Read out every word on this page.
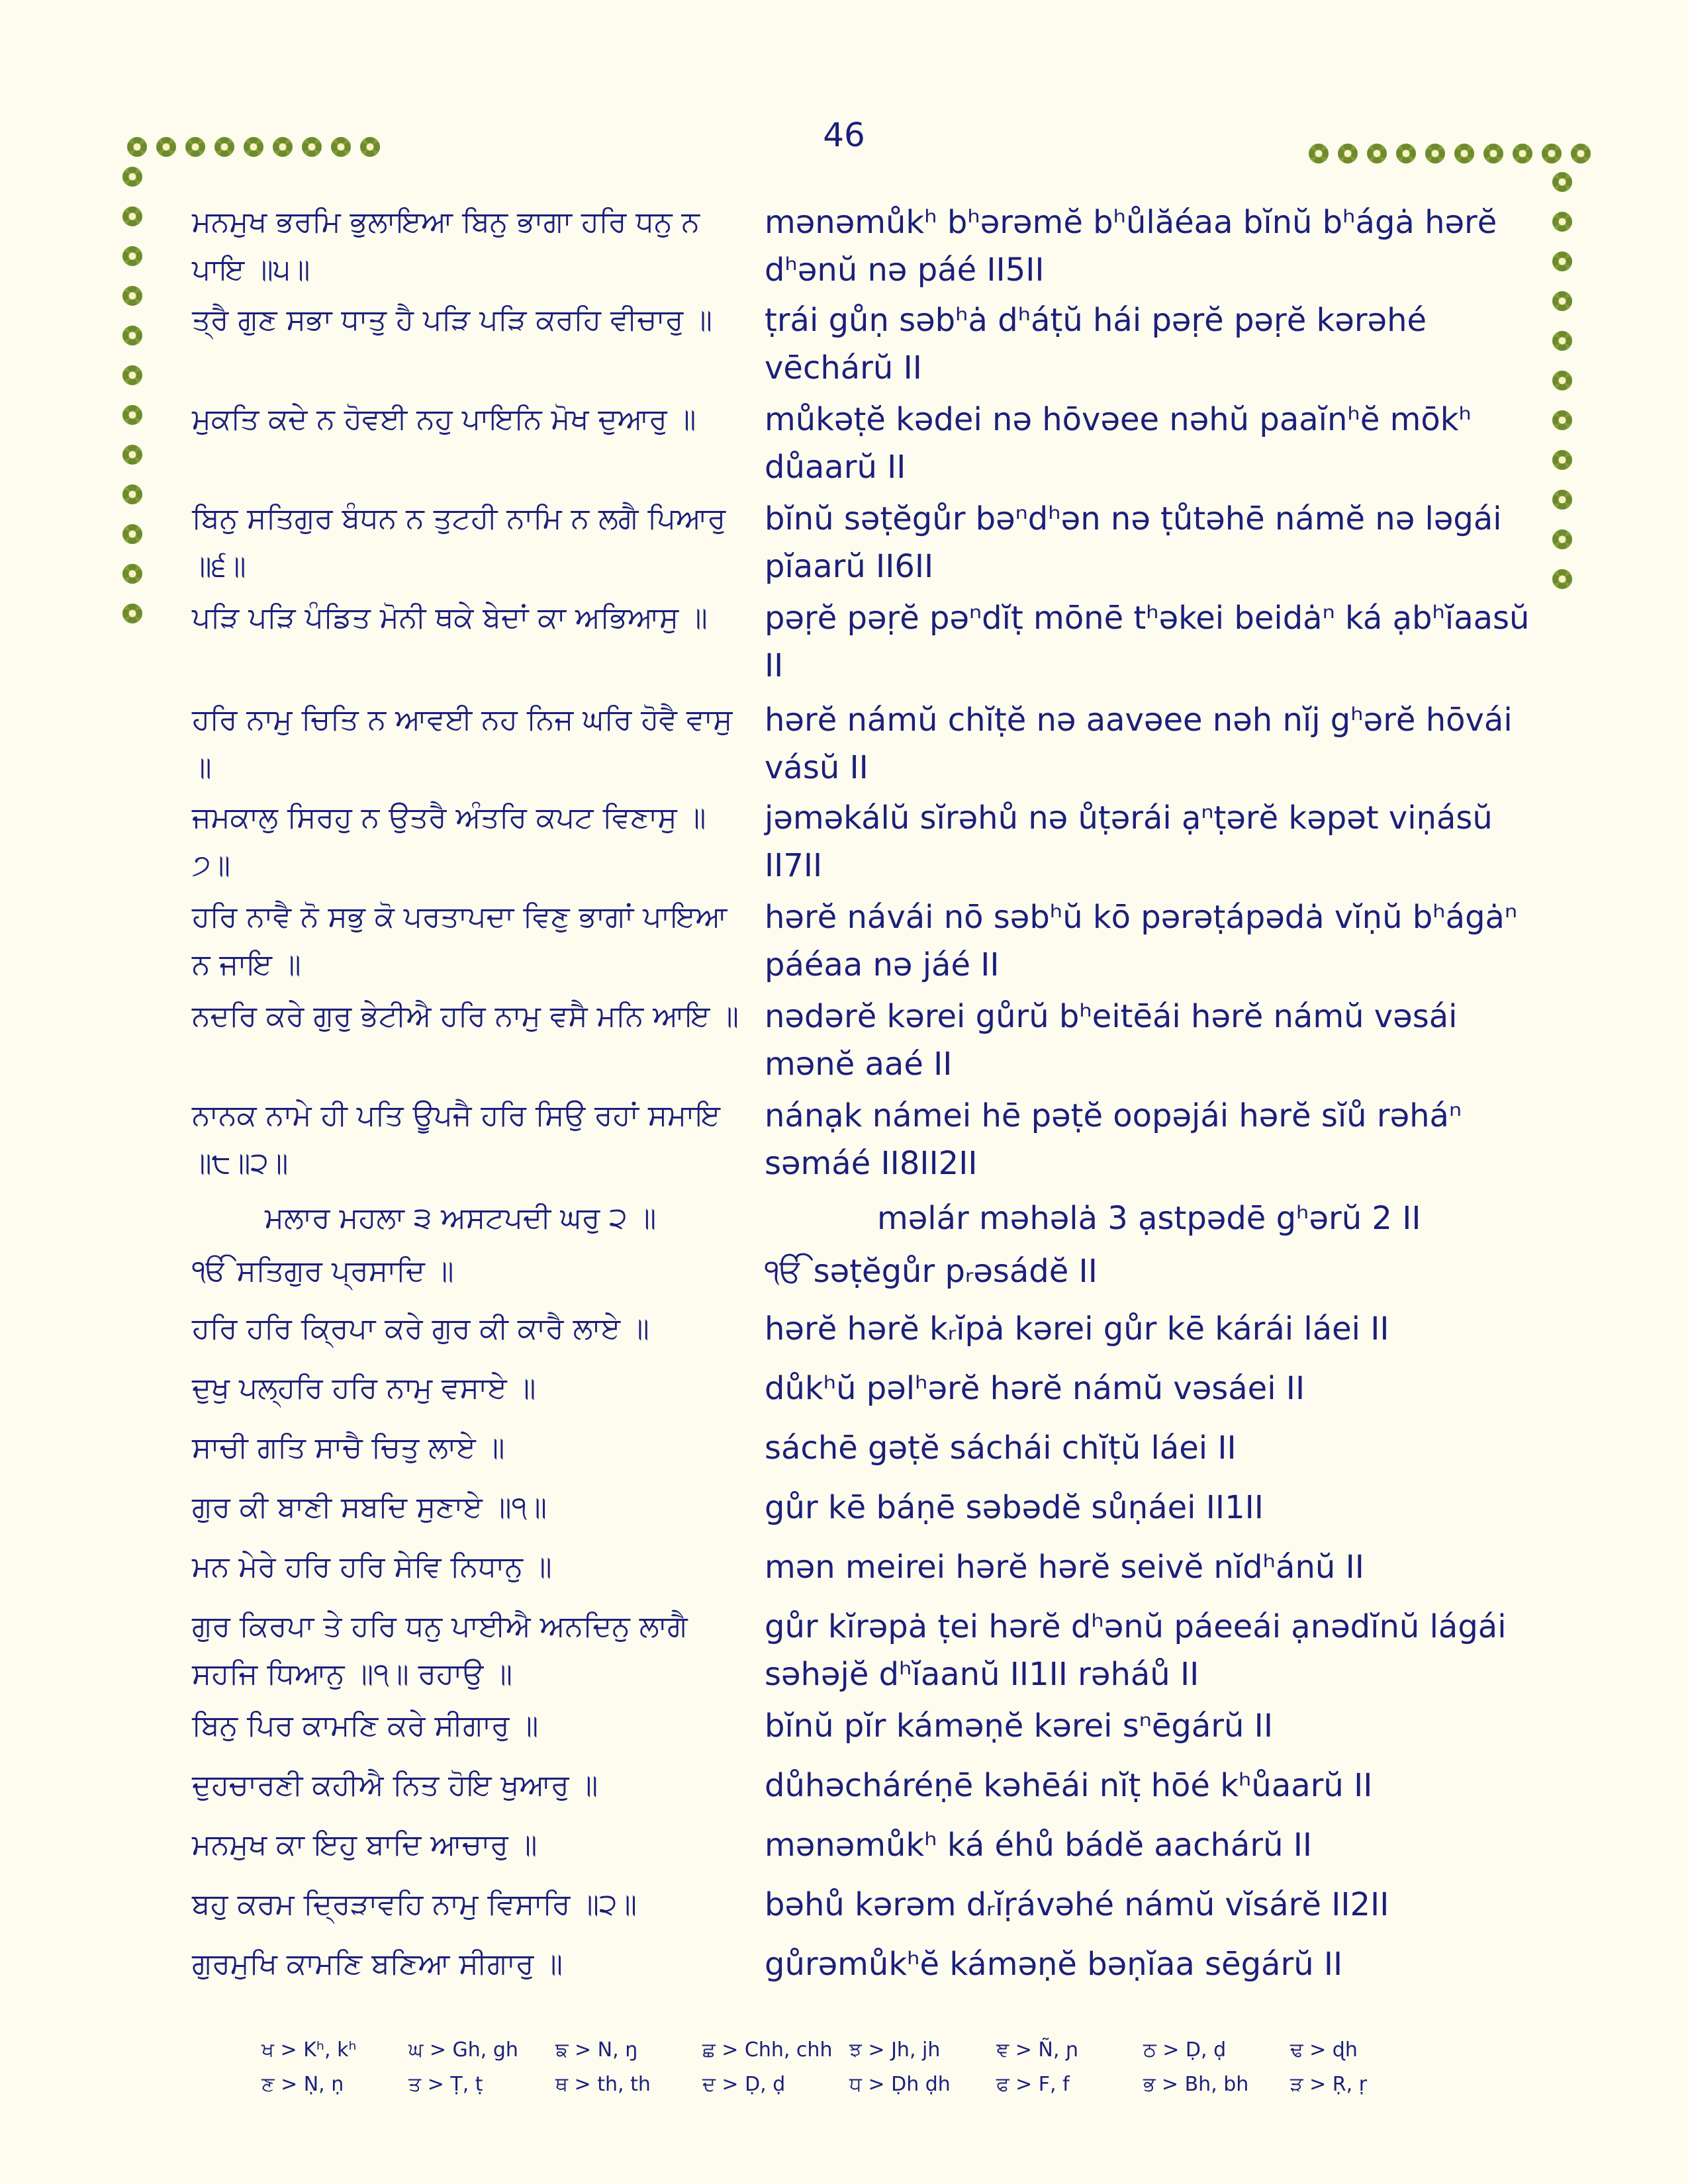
46
ਮਨਮੁਖ ਭਰਮਿ ਭੁਲਾਇਆ ਬਿਨੁ ਭਾਗਾ ਹਰਿ ਧਨੁ ਨ ਪਾਇ ॥੫॥
mənəmůkʰ bʰərəmĕ bʰůlăéaa bĭnŭ bʰágȧ hərĕ dʰənŭ nə páé II5II
ਤ੍ਰੈ ਗੁਣ ਸਭਾ ਧਾਤੁ ਹੈ ਪੜਿ ਪੜਿ ਕਰਹਿ ਵੀਚਾਰੁ ॥	ṭrái gůṇ səbʰȧ dʰáṭŭ hái pəṛĕ pəṛĕ kərəhé vēchárŭ II
ਮੁਕਤਿ ਕਦੇ ਨ ਹੋਵਈ ਨਹੁ ਪਾਇਨਿ ਮੋਖ ਦੁਆਰੁ ॥	můkəṭĕ kədei nə hōvəee nəhŭ paaĭnʰĕ mōkʰ důaarŭ II
ਬਿਨੁ ਸਤਿਗੁਰ ਬੰਧਨ ਨ ਤੁਟਹੀ ਨਾਮਿ ਨ ਲਗੈ ਪਿਆਰੁ ॥੬॥
bĭnŭ səṭĕgůr bəⁿdʰən nə ṭůtəhē námĕ nə ləgái pĭaarŭ II6II
ਪੜਿ ਪੜਿ ਪੰਡਿਤ ਮੋਨੀ ਥਕੇ ਬੇਦਾਂ ਕਾ ਅਭਿਆਸੁ ॥	pəṛĕ pəṛĕ pəⁿdĭṭ mōnē tʰəkei beidȧⁿ ká ạbʰĭaasŭ II
ਹਰਿ ਨਾਮੁ ਚਿਤਿ ਨ ਆਵਈ ਨਹ ਨਿਜ ਘਰਿ ਹੋਵੈ ਵਾਸੁ ॥
hərĕ námŭ chĭṭĕ nə aavəee nəh nĭj gʰərĕ hōvái vásŭ II
ਜਮਕਾਲੁ ਸਿਰਹੁ ਨ ਉਤਰੈ ਅੰਤਰਿ ਕਪਟ ਵਿਣਾਸੁ ॥੭॥
jəməkálŭ sĭrəhů nə ůṭərái ạⁿṭərĕ kəpət viṇásŭ II7II
ਹਰਿ ਨਾਵੈ ਨੋ ਸਭੁ ਕੋ ਪਰਤਾਪਦਾ ਵਿਣੁ ਭਾਗਾਂ ਪਾਇਆ ਨ ਜਾਇ ॥
hərĕ návái nō səbʰŭ kō pərəṭápədȧ vĭṇŭ bʰágȧⁿ páéaa nə jáé II
ਨਦਰਿ ਕਰੇ ਗੁਰੁ ਭੇਟੀਐ ਹਰਿ ਨਾਮੁ ਵਸੈ ਮਨਿ ਆਇ ॥ nədərĕ kərei gůrŭ bʰeitēái hərĕ námŭ vəsái mənĕ aaé II
ਨਾਨਕ ਨਾਮੇ ਹੀ ਪਤਿ ਊਪਜੈ ਹਰਿ ਸਿਉ ਰਹਾਂ ਸਮਾਇ ॥੮॥੨॥
nánạk námei hē pəṭĕ oopəjái hərĕ sĭů rəháⁿ səmáé II8II2II
ਮਲਾਰ ਮਹਲਾ ੩ ਅਸਟਪਦੀ ਘਰੁ ੨ ॥	məlár məhəlȧ 3 ạstpədē gʰərŭ 2 II
ੴ ਸਤਿਗੁਰ ਪ੍ਰਸਾਦਿ ॥	ੴ səṭĕgůr pᵣəsádĕ II
ਹਰਿ ਹਰਿ ਕ੍ਰਿਪਾ ਕਰੇ ਗੁਰ ਕੀ ਕਾਰੈ ਲਾਏ ॥	hərĕ hərĕ kᵣĭpȧ kərei gůr kē kárái láei II
ਦੁਖੁ ਪਲ੍ਹਰਿ ਹਰਿ ਨਾਮੁ ਵਸਾਏ ॥	důkʰŭ pəlʰərĕ hərĕ námŭ vəsáei II
ਸਾਚੀ ਗਤਿ ਸਾਚੈ ਚਿਤੁ ਲਾਏ ॥	sáchē gəṭĕ sáchái chĭṭŭ láei II
ਗੁਰ ਕੀ ਬਾਣੀ ਸਬਦਿ ਸੁਣਾਏ ॥੧॥	gůr kē báṇē səbədĕ sůṇáei II1II
ਮਨ ਮੇਰੇ ਹਰਿ ਹਰਿ ਸੇਵਿ ਨਿਧਾਨੁ ॥	mən meirei hərĕ hərĕ seivĕ nĭdʰánŭ II
ਗੁਰ ਕਿਰਪਾ ਤੇ ਹਰਿ ਧਨੁ ਪਾਈਐ ਅਨਦਿਨੁ ਲਾਗੈ ਸਹਜਿ ਧਿਆਨੁ ॥੧॥ ਰਹਾਉ ॥
gůr kĭrəpȧ ṭei hərĕ dʰənŭ páeeái ạnədĭnŭ lágái səhəjĕ dʰĭaanŭ II1II rəháů II
ਬਿਨੁ ਪਿਰ ਕਾਮਣਿ ਕਰੇ ਸੀਗਾਰੁ ॥	bĭnŭ pĭr káməṇĕ kərei sⁿēgárŭ II
ਦੁਹਚਾਰਣੀ ਕਹੀਐ ਨਿਤ ਹੋਇ ਖੁਆਰੁ ॥	důhəcháréṇē kəhēái nĭṭ hōé kʰůaarŭ II
ਮਨਮੁਖ ਕਾ ਇਹੁ ਬਾਦਿ ਆਚਾਰੁ ॥	mənəmůkʰ ká éhů bádĕ aachárŭ II
ਬਹੁ ਕਰਮ ਦ੍ਰਿੜਾਵਹਿ ਨਾਮੁ ਵਿਸਾਰਿ ॥੨॥	bəhů kərəm dᵣĭṛávəhé námŭ vĭsárĕ II2II
ਗੁਰਮੁਖਿ ਕਾਮਣਿ ਬਣਿਆ ਸੀਗਾਰੁ ॥	gůrəmůkʰĕ káməṇĕ bəṇĭaa sēgárŭ II
ਖ > Kʰ, kʰ	ਘ > Gh, gh	ਙ > N, ŋ	ਛ > Chh, chh ਝ > Jh, jh	ਞ > Ñ, ɲ	ਠ > Ḍ, ḍ	ਢ > ɖh
ਣ > Ṇ, ṇ	ਤ > Ṭ, ṭ	ਥ > th, th	ਦ > Ḍ, ḍ	ਧ > Ḍh ḍh	ਫ > F, f	ਭ > Bh, bh	ੜ > Ṛ, ṛ
